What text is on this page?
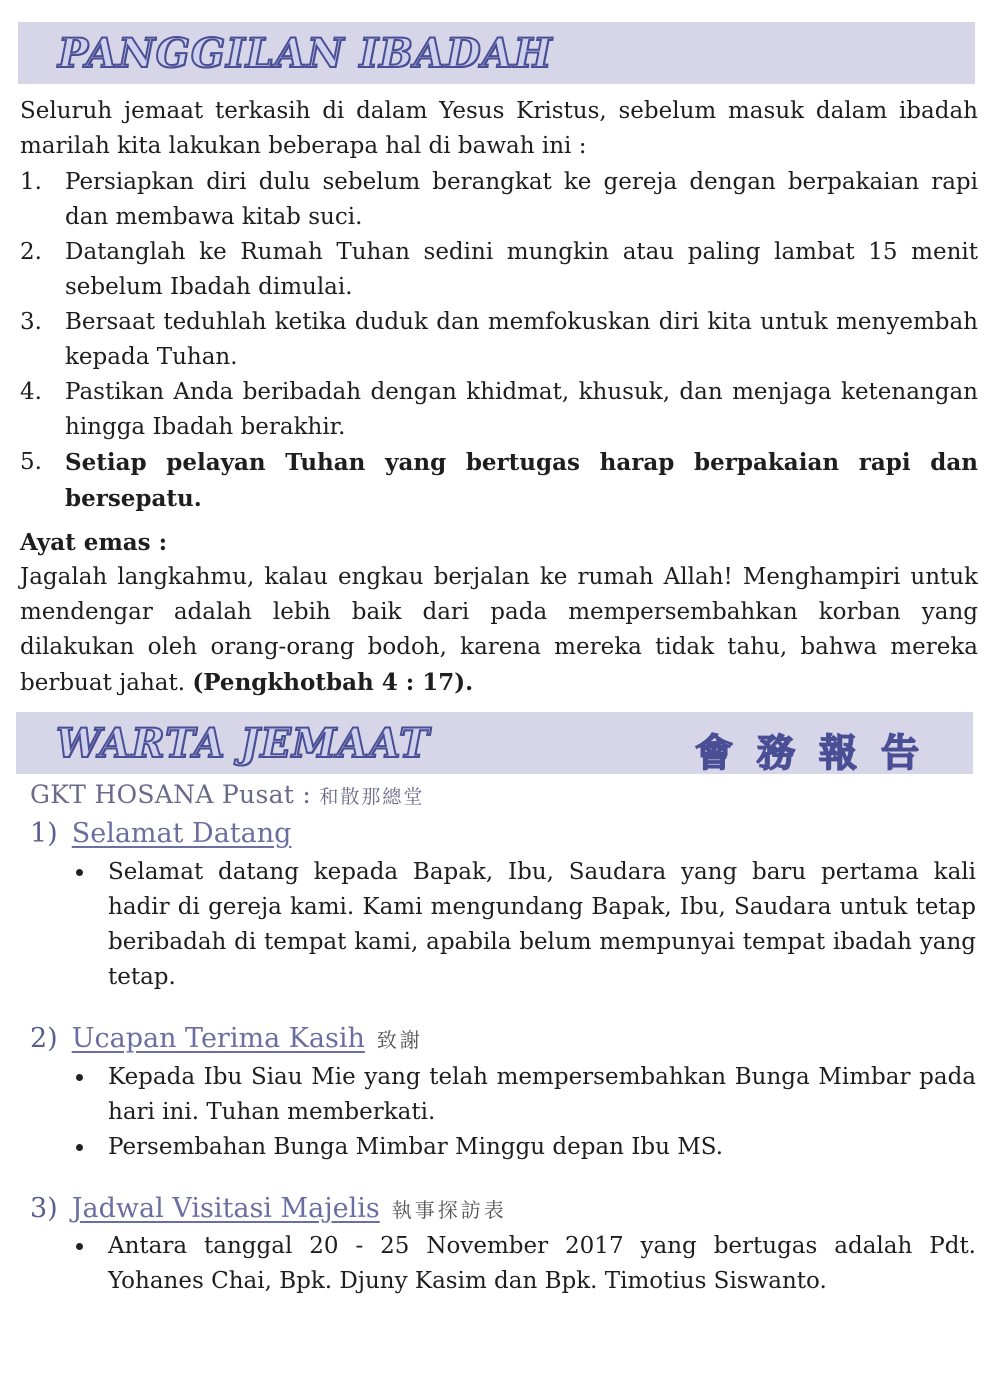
PANGGILAN IBADAH

Seluruh jemaat terkasih di dalam Yesus Kristus, sebelum masuk dalam ibadah marilah kita lakukan beberapa hal di bawah ini :

1. Persiapkan diri dulu sebelum berangkat ke gereja dengan berpakaian rapi dan membawa kitab suci.
2. Datanglah ke Rumah Tuhan sedini mungkin atau paling lambat 15 menit sebelum Ibadah dimulai.
3. Bersaat teduhlah ketika duduk dan memfokuskan diri kita untuk menyembah kepada Tuhan.
4. Pastikan Anda beribadah dengan khidmat, khusuk, dan menjaga ketenangan hingga Ibadah berakhir.
5. Setiap pelayan Tuhan yang bertugas harap berpakaian rapi dan bersepatu.
Ayat emas :

Jagalah langkahmu, kalau engkau berjalan ke rumah Allah! Menghampiri untuk mendengar adalah lebih baik dari pada mempersembahkan korban yang dilakukan oleh orang-orang bodoh, karena mereka tidak tahu, bahwa mereka berbuat jahat. (Pengkhotbah 4 : 17).

WARTA JEMAAT	會務報告
GKT HOSANA Pusat : 和散那總堂
1) Selamat Datang
Selamat datang kepada Bapak, Ibu, Saudara yang baru pertama kali hadir di gereja kami. Kami mengundang Bapak, Ibu, Saudara untuk tetap beribadah di tempat kami, apabila belum mempunyai tempat ibadah yang tetap.
2) Ucapan Terima Kasih 致謝
Kepada Ibu Siau Mie yang telah mempersembahkan Bunga Mimbar pada hari ini. Tuhan memberkati.
Persembahan Bunga Mimbar Minggu depan Ibu MS.
3) Jadwal Visitasi Majelis 執事探訪表
Antara tanggal 20 - 25 November 2017 yang bertugas adalah Pdt. Yohanes Chai, Bpk. Djuny Kasim dan Bpk. Timotius Siswanto.
